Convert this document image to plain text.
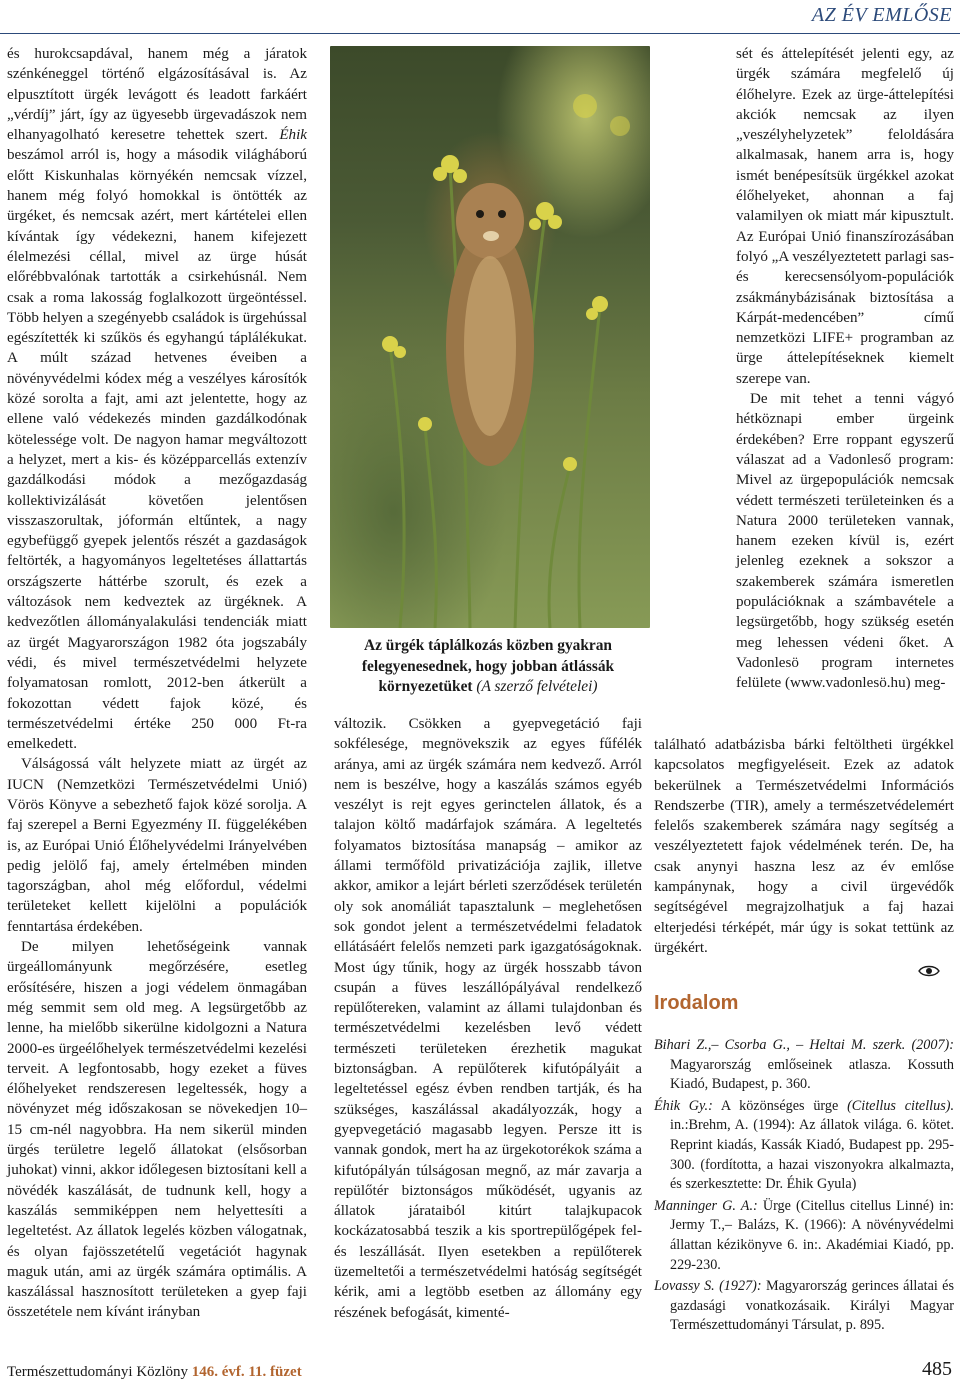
AZ ÉV EMLŐSE

és hurokcsapdával, hanem még a járatok szénkéneggel történő elgázosításával is. Az elpusztított ürgék levágott és leadott farkáért „vérdíj” járt, így az ügyesebb ürgevadászok nem elhanyagolható keresetre tehettek szert. Éhik beszámol arról is, hogy a második világháború előtt Kiskunhalas környékén nemcsak vízzel, hanem még folyó homokkal is öntötték az ürgéket, és nemcsak azért, mert kártételei ellen kívántak így védekezni, hanem kifejezett élelmezési céllal, mivel az ürge húsát előrébbvalónak tartották a csirkehúsnál. Nem csak a roma lakosság foglalkozott ürgeöntéssel. Több helyen a szegényebb családok is ürgehússal egészítették ki szűkös és egyhangú táplálékukat. A múlt század hetvenes éveiben a növényvédelmi kódex még a veszélyes károsítók közé sorolta a fajt, ami azt jelentette, hogy az ellene való védekezés minden gazdálkodónak kötelessége volt. De nagyon hamar megváltozott a helyzet, mert a kis- és középparcellás extenzív gazdálkodási módok a mezőgazdaság kollektivizálását követően jelentősen visszaszorultak, jóformán eltűntek, a nagy egybefüggő gyepek jelentős részét a gazdaságok feltörték, a hagyományos legeltetéses állattartás országszerte háttérbe szorult, és ezek a változások nem kedveztek az ürgéknek. A kedvezőtlen állományalakulási tendenciák miatt az ürgét Magyarországon 1982 óta jogszabály védi, és mivel természetvédelmi helyzete folyamatosan romlott, 2012-ben átkerült a fokozottan védett fajok közé, és természetvédelmi értéke 250 000 Ft-ra emelkedett.

Válságossá vált helyzete miatt az ürgét az IUCN (Nemzetközi Természetvédelmi Unió) Vörös Könyve a sebezhető fajok közé sorolja. A faj szerepel a Berni Egyezmény II. függelékében is, az Európai Unió Élőhelyvédelmi Irányelvében pedig jelölő faj, amely értelmében minden tagországban, ahol még előfordul, védelmi területeket kellett kijelölni a populációk fenntartása érdekében.

De milyen lehetőségeink vannak ürgeállományunk megőrzésére, esetleg erősítésére, hiszen a jogi védelem önmagában még semmit sem old meg. A legsürgetőbb az lenne, ha mielőbb sikerülne kidolgozni a Natura 2000-es ürgeélőhelyek természetvédelmi kezelési terveit. A legfontosabb, hogy ezeket a füves élőhelyeket rendszeresen legeltessék, hogy a növényzet még időszakosan se növekedjen 10–15 cm-nél nagyobbra. Ha nem sikerül minden ürgés területre legelő állatokat (elsősorban juhokat) vinni, akkor időlegesen biztosítani kell a növédék kaszálását, de tudnunk kell, hogy a kaszálás semmiképpen nem helyettesíti a legeltetést. Az állatok legelés közben válogatnak, és olyan fajösszetételű vegetációt hagynak maguk után, ami az ürgék számára optimális. A kaszálással hasznosított területeken a gyep faji összetétele nem kívánt irányban

Az ürgék táplálkozás közben gyakran felegyenesednek, hogy jobban átlássák környezetüket (A szerző felvételei)

változik. Csökken a gyepvegetáció faji sokfélesége, megnövekszik az egyes fűfélék aránya, ami az ürgék számára nem kedvező. Arról nem is beszélve, hogy a kaszálás számos egyéb veszélyt is rejt egyes gerinctelen állatok, és a talajon költő madárfajok számára. A legeltetés folyamatos biztosítása manapság – amikor az állami termőföld privatizációja zajlik, illetve akkor, amikor a lejárt bérleti szerződések területén oly sok anomáliát tapasztalunk – meglehetősen sok gondot jelent a természetvédelmi feladatok ellátásáért felelős nemzeti park igazgatóságoknak. Most úgy tűnik, hogy az ürgék hosszabb távon csupán a füves leszállópályával rendelkező repülőtereken, valamint az állami tulajdonban és természetvédelmi kezelésben levő védett természeti területeken érezhetik magukat biztonságban. A repülőterek kifutópályáit a legeltetéssel egész évben rendben tartják, és ha szükséges, kaszálással akadályozzák, hogy a gyepvegetáció magasabb legyen. Persze itt is vannak gondok, mert ha az ürgekotorékok száma a kifutópályán túlságosan megnő, az már zavarja a repülőtér biztonságos működését, ugyanis az állatok járataiból kitúrt talajkupacok kockázatosabbá teszik a kis sportrepülőgépek fel- és leszállását. Ilyen esetekben a repülőterek üzemeltetői a természetvédelmi hatóság segítségét kérik, ami a legtöbb esetben az állomány egy részének befogását, kimenté-

sét és áttelepítését jelenti egy, az ürgék számára megfelelő új élőhelyre. Ezek az ürge-áttelepítési akciók nemcsak az ilyen „veszélyhelyzetek” feloldására alkalmasak, hanem arra is, hogy ismét benépesítsük ürgékkel azokat élőhelyeket, ahonnan a faj valamilyen ok miatt már kipusztult. Az Európai Unió finanszírozásában folyó „A veszélyeztetett parlagi sas- és kerecsensólyom-populációk zsákmánybázisának biztosítása a Kárpát-medencében” című nemzetközi LIFE+ programban az ürge áttelepítéseknek kiemelt szerepe van.

De mit tehet a tenni vágyó hétköznapi ember ürgeink érdekében? Erre roppant egyszerű válaszat ad a Vadonleső program: Mivel az ürgepopulációk nemcsak védett természeti területeinken és a Natura 2000 területeken vannak, hanem ezeken kívül is, ezért jelenleg ezeknek a sokszor a szakemberek számára ismeretlen populációknak a számbavétele a legsürgetőbb, hogy szükség esetén meg lehessen védeni őket. A Vadonlesö program internetes felülete (www.vadonlesö.hu) meg-

található adatbázisba bárki feltöltheti ürgékkel kapcsolatos megfigyeléseit. Ezek az adatok bekerülnek a Természetvédelmi Információs Rendszerbe (TIR), amely a természetvédelemért felelős szakemberek számára nagy segítség a veszélyeztetett fajok védelmének terén. De, ha csak anynyi haszna lesz az év emlőse kampánynak, hogy a civil ürgevédők segítségével megrajzolhatjuk a faj hazai elterjedési térképét, már úgy is sokat tettünk az ürgékért.

Irodalom

Bihari Z.,– Csorba G., – Heltai M. szerk. (2007): Magyarország emlőseinek atlasza. Kossuth Kiadó, Budapest, p. 360.

Éhik Gy.: A közönséges ürge (Citellus citellus). in.:Brehm, A. (1994): Az állatok világa. 6. kötet. Reprint kiadás, Kassák Kiadó, Budapest pp. 295-300. (fordította, a hazai viszonyokra alkalmazta, és szerkesztette: Dr. Éhik Gyula)

Manninger G. A.: Ürge (Citellus citellus Linné) in: Jermy T.,– Balázs, K. (1966): A növényvédelmi állattan kézikönyve 6. in:. Akadémiai Kiadó, pp. 229-230.

Lovassy S. (1927): Magyarország gerinces állatai és gazdasági vonatkozásaik. Királyi Magyar Természettudományi Társulat, p. 895.

Természettudományi Közlöny 146. évf. 11. füzet	485
